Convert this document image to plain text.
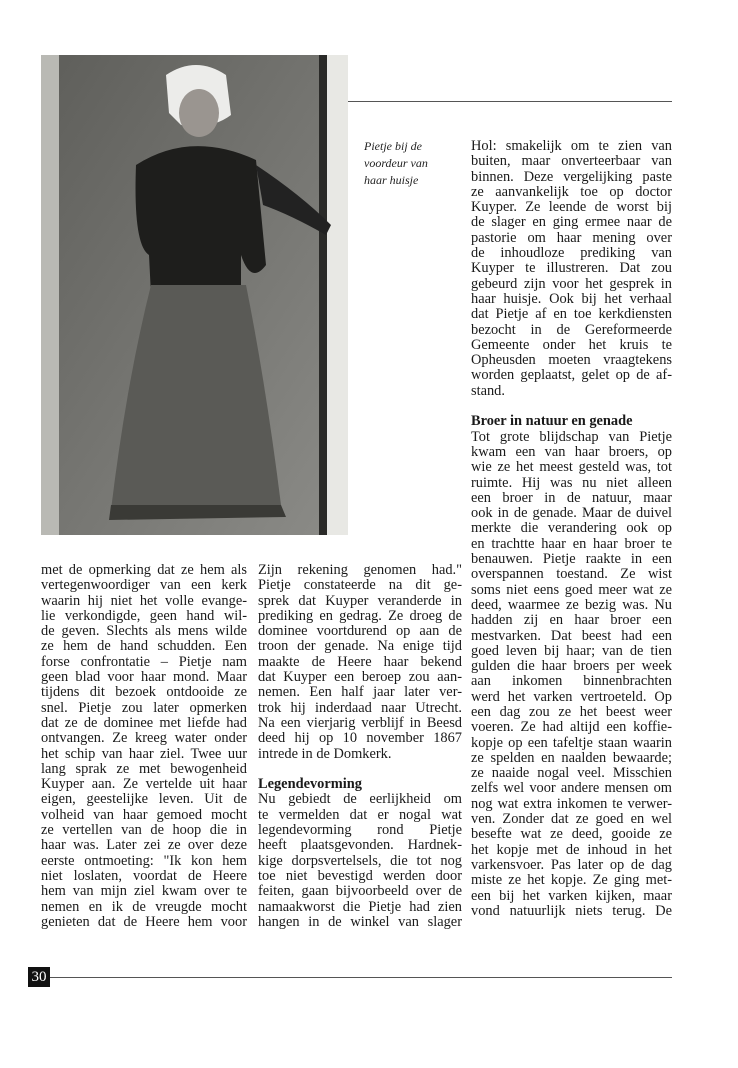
Pietje bij de
voordeur van
haar huisje
met de opmerking dat ze hem als
vertegenwoordiger van een kerk
waarin hij niet het volle evange-
lie verkondigde, geen hand wil-
de geven. Slechts als mens wilde
ze hem de hand schudden. Een
forse confrontatie – Pietje nam
geen blad voor haar mond. Maar
tijdens dit bezoek ontdooide ze
snel. Pietje zou later opmerken
dat ze de dominee met liefde had
ontvangen. Ze kreeg water onder
het schip van haar ziel. Twee uur
lang sprak ze met bewogenheid
Kuyper aan. Ze vertelde uit haar
eigen, geestelijke leven. Uit de
volheid van haar gemoed mocht
ze vertellen van de hoop die in
haar was. Later zei ze over deze
eerste ontmoeting: "Ik kon hem
niet loslaten, voordat de Heere
hem van mijn ziel kwam over te
nemen en ik de vreugde mocht
genieten dat de Heere hem voor
Zijn rekening genomen had."
Pietje constateerde na dit ge-
sprek dat Kuyper veranderde in
prediking en gedrag. Ze droeg de
dominee voortdurend op aan de
troon der genade. Na enige tijd
maakte de Heere haar bekend
dat Kuyper een beroep zou aan-
nemen. Een half jaar later ver-
trok hij inderdaad naar Utrecht.
Na een vierjarig verblijf in Beesd
deed hij op 10 november 1867
intrede in de Domkerk.
Legendevorming
Nu gebiedt de eerlijkheid om
te vermelden dat er nogal wat
legendevorming rond Pietje
heeft plaatsgevonden. Hardnek-
kige dorpsvertelsels, die tot nog
toe niet bevestigd werden door
feiten, gaan bijvoorbeeld over de
namaakworst die Pietje had zien
hangen in de winkel van slager
Hol: smakelijk om te zien van
buiten, maar onverteerbaar van
binnen. Deze vergelijking paste
ze aanvankelijk toe op doctor
Kuyper. Ze leende de worst bij
de slager en ging ermee naar de
pastorie om haar mening over
de inhoudloze prediking van
Kuyper te illustreren. Dat zou
gebeurd zijn voor het gesprek in
haar huisje. Ook bij het verhaal
dat Pietje af en toe kerkdiensten
bezocht in de Gereformeerde
Gemeente onder het kruis te
Opheusden moeten vraagtekens
worden geplaatst, gelet op de af-
stand.
Broer in natuur en genade
Tot grote blijdschap van Pietje
kwam een van haar broers, op
wie ze het meest gesteld was, tot
ruimte. Hij was nu niet alleen
een broer in de natuur, maar
ook in de genade. Maar de duivel
merkte die verandering ook op
en trachtte haar en haar broer te
benauwen. Pietje raakte in een
overspannen toestand. Ze wist
soms niet eens goed meer wat ze
deed, waarmee ze bezig was. Nu
hadden zij en haar broer een
mestvarken. Dat beest had een
goed leven bij haar; van de tien
gulden die haar broers per week
aan inkomen binnenbrachten
werd het varken vertroeteld. Op
een dag zou ze het beest weer
voeren. Ze had altijd een koffie-
kopje op een tafeltje staan waarin
ze spelden en naalden bewaarde;
ze naaide nogal veel. Misschien
zelfs wel voor andere mensen om
nog wat extra inkomen te verwer-
ven. Zonder dat ze goed en wel
besefte wat ze deed, gooide ze
het kopje met de inhoud in het
varkensvoer. Pas later op de dag
miste ze het kopje. Ze ging met-
een bij het varken kijken, maar
vond natuurlijk niets terug. De
30
